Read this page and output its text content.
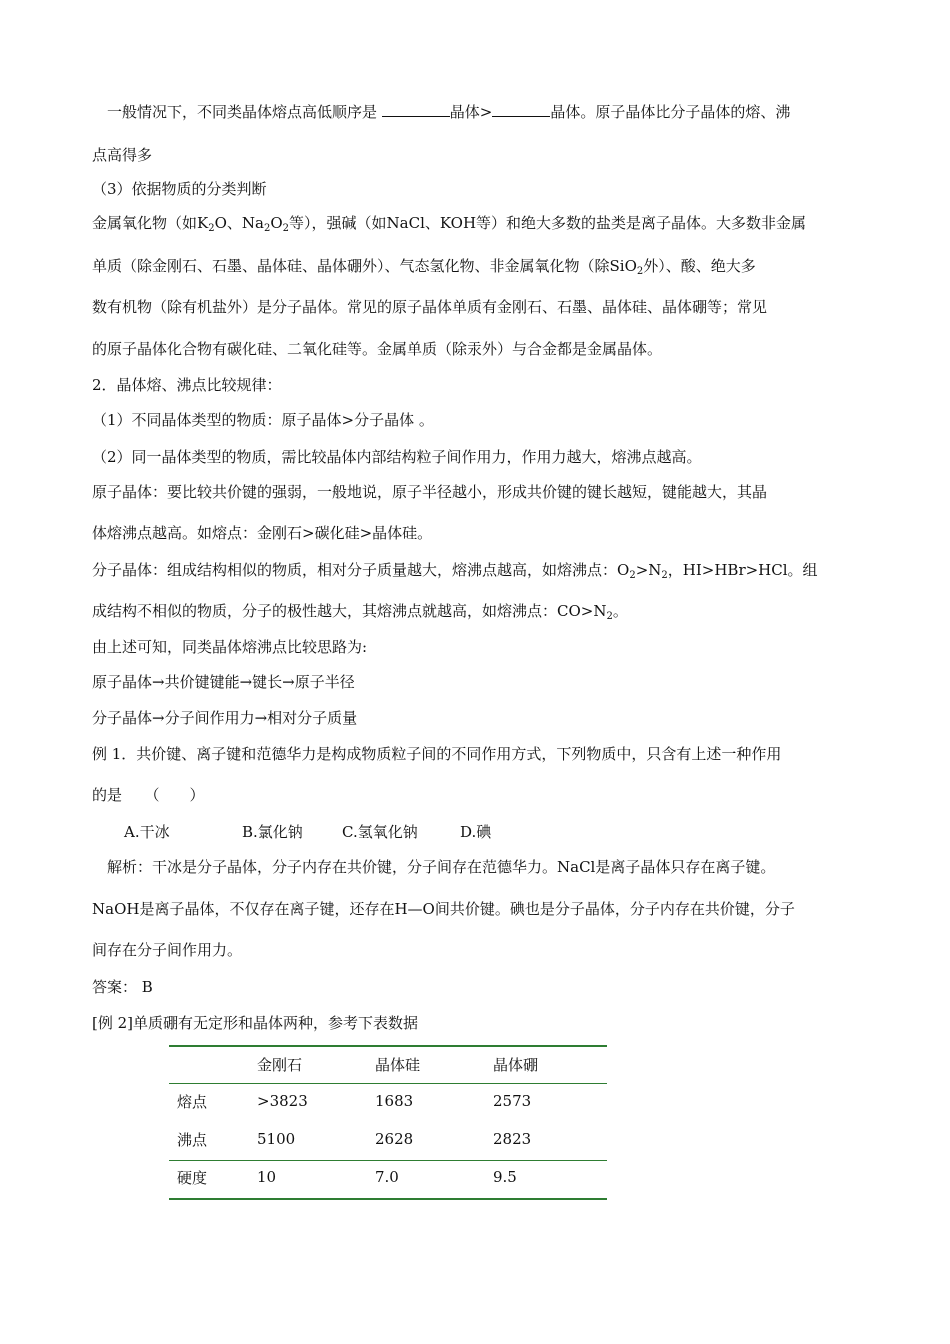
一般情况下，不同类晶体熔点高低顺序是	晶体>	晶体。原子晶体比分子晶体的熔、沸
点高得多
（3）依据物质的分类判断
金属氧化物（如$K_2O$、$Na_2O_2$等），强碱（如NaCl、KOH等）和绝大多数的盐类是离子晶体。大多数非金属
单质（除金刚石、石墨、晶体硅、晶体硼外）、气态氢化物、非金属氧化物（除SiO$_2$外）、酸、绝大多
数有机物（除有机盐外）是分子晶体。常见的原子晶体单质有金刚石、石墨、晶体硅、晶体硼等；常见
的原子晶体化合物有碳化硅、二氧化硅等。金属单质（除汞外）与合金都是金属晶体。
2．晶体熔、沸点比较规律：
（1）不同晶体类型的物质：原子晶体>分子晶体 。
（2）同一晶体类型的物质，需比较晶体内部结构粒子间作用力，作用力越大，熔沸点越高。
原子晶体：要比较共价键的强弱，一般地说，原子半径越小，形成共价键的键长越短，键能越大，其晶
体熔沸点越高。如熔点：金刚石>碳化硅>晶体硅。
分子晶体：组成结构相似的物质，相对分子质量越大，熔沸点越高，如熔沸点：$O_2>N_2$，HI>HBr>HCl。组
成结构不相似的物质，分子的极性越大，其熔沸点就越高，如熔沸点：$CO>N_2$。
由上述可知，同类晶体熔沸点比较思路为:
原子晶体→共价键键能→键长→原子半径
分子晶体→分子间作用力→相对分子质量
例 1．共价键、离子键和范德华力是构成物质粒子间的不同作用方式，下列物质中，只含有上述一种作用
的是　　（　　）
A.干冰	B.氯化钠	C.氢氧化钠	D.碘
解析：干冰是分子晶体，分子内存在共价键，分子间存在范德华力。NaCl是离子晶体只存在离子键。
NaOH是离子晶体，不仅存在离子键，还存在H—O间共价键。碘也是分子晶体，分子内存在共价键，分子
间存在分子间作用力。
答案： B
[例 2]单质硼有无定形和晶体两种，参考下表数据
	金刚石	晶体硅	晶体硼
熔点	>3823	1683	2573
沸点	5100	2628	2823
硬度	10	7.0	9.5
